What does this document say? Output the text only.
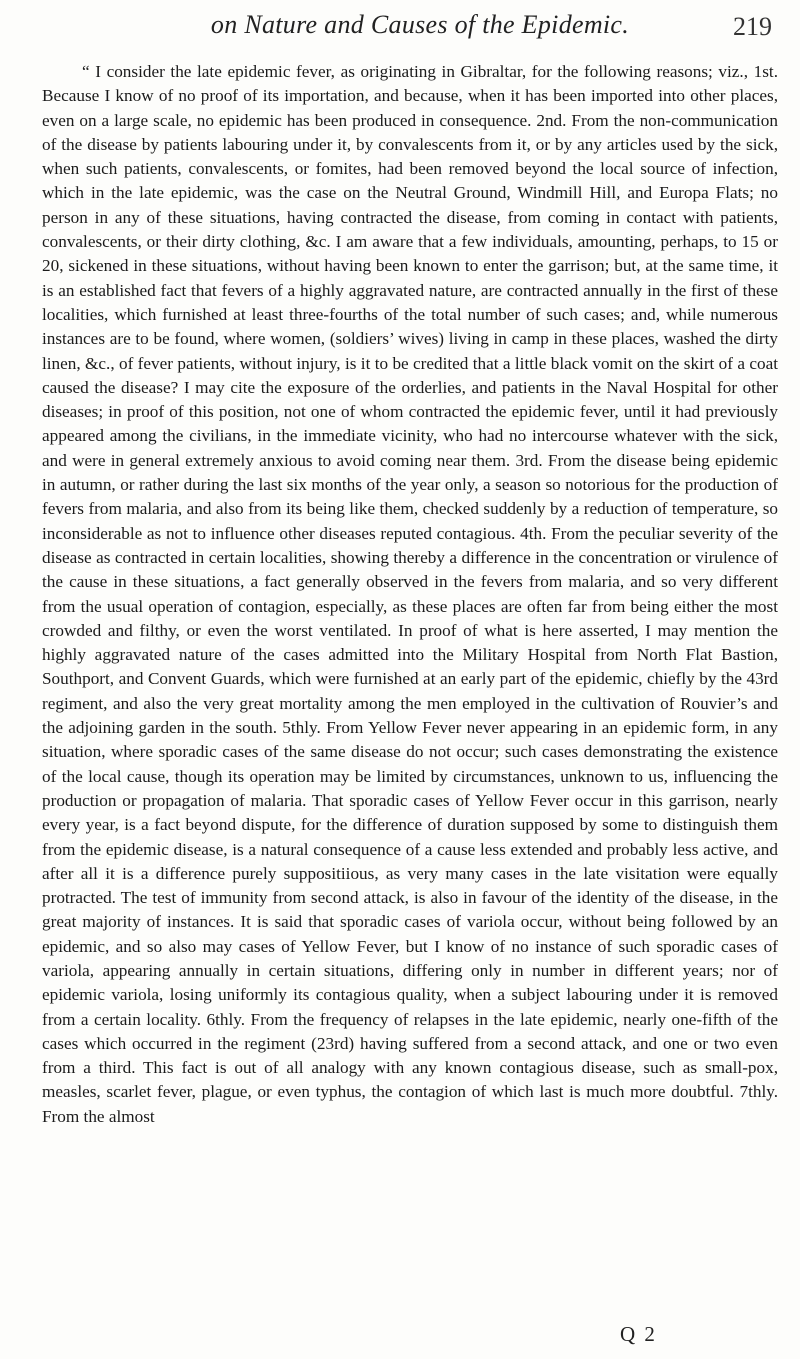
on Nature and Causes of the Epidemic.	219

“ I consider the late epidemic fever, as originating in Gibraltar, for the following reasons; viz., 1st. Because I know of no proof of its importation, and because, when it has been imported into other places, even on a large scale, no epidemic has been produced in consequence. 2nd. From the non-communication of the disease by patients labouring under it, by convalescents from it, or by any articles used by the sick, when such patients, convalescents, or fomites, had been removed beyond the local source of infection, which in the late epidemic, was the case on the Neutral Ground, Windmill Hill, and Europa Flats; no person in any of these situations, having contracted the disease, from coming in contact with patients, convalescents, or their dirty clothing, &c. I am aware that a few individuals, amounting, perhaps, to 15 or 20, sickened in these situations, without having been known to enter the garrison; but, at the same time, it is an established fact that fevers of a highly aggravated nature, are contracted annually in the first of these localities, which furnished at least three-fourths of the total number of such cases; and, while numerous instances are to be found, where women, (soldiers’ wives) living in camp in these places, washed the dirty linen, &c., of fever patients, without injury, is it to be credited that a little black vomit on the skirt of a coat caused the disease? I may cite the exposure of the orderlies, and patients in the Naval Hospital for other diseases; in proof of this position, not one of whom contracted the epidemic fever, until it had previously appeared among the civilians, in the immediate vicinity, who had no intercourse whatever with the sick, and were in general extremely anxious to avoid coming near them. 3rd. From the disease being epidemic in autumn, or rather during the last six months of the year only, a season so notorious for the production of fevers from malaria, and also from its being like them, checked suddenly by a reduction of temperature, so inconsiderable as not to influence other diseases reputed contagious. 4th. From the peculiar severity of the disease as contracted in certain localities, showing thereby a difference in the concentration or virulence of the cause in these situations, a fact generally observed in the fevers from malaria, and so very different from the usual operation of contagion, especially, as these places are often far from being either the most crowded and filthy, or even the worst ventilated. In proof of what is here asserted, I may mention the highly aggravated nature of the cases admitted into the Military Hospital from North Flat Bastion, Southport, and Convent Guards, which were furnished at an early part of the epidemic, chiefly by the 43rd regiment, and also the very great mortality among the men employed in the cultivation of Rouvier’s and the adjoining garden in the south. 5thly. From Yellow Fever never appearing in an epidemic form, in any situation, where sporadic cases of the same disease do not occur; such cases demonstrating the existence of the local cause, though its operation may be limited by circumstances, unknown to us, influencing the production or propagation of malaria. That sporadic cases of Yellow Fever occur in this garrison, nearly every year, is a fact beyond dispute, for the difference of duration supposed by some to distinguish them from the epidemic disease, is a natural consequence of a cause less extended and probably less active, and after all it is a difference purely suppositiious, as very many cases in the late visitation were equally protracted. The test of immunity from second attack, is also in favour of the identity of the disease, in the great majority of instances. It is said that sporadic cases of variola occur, without being followed by an epidemic, and so also may cases of Yellow Fever, but I know of no instance of such sporadic cases of variola, appearing annually in certain situations, differing only in number in different years; nor of epidemic variola, losing uniformly its contagious quality, when a subject labouring under it is removed from a certain locality. 6thly. From the frequency of relapses in the late epidemic, nearly one-fifth of the cases which occurred in the regiment (23rd) having suffered from a second attack, and one or two even from a third. This fact is out of all analogy with any known contagious disease, such as small-pox, measles, scarlet fever, plague, or even typhus, the contagion of which last is much more doubtful. 7thly. From the almost

Q 2
